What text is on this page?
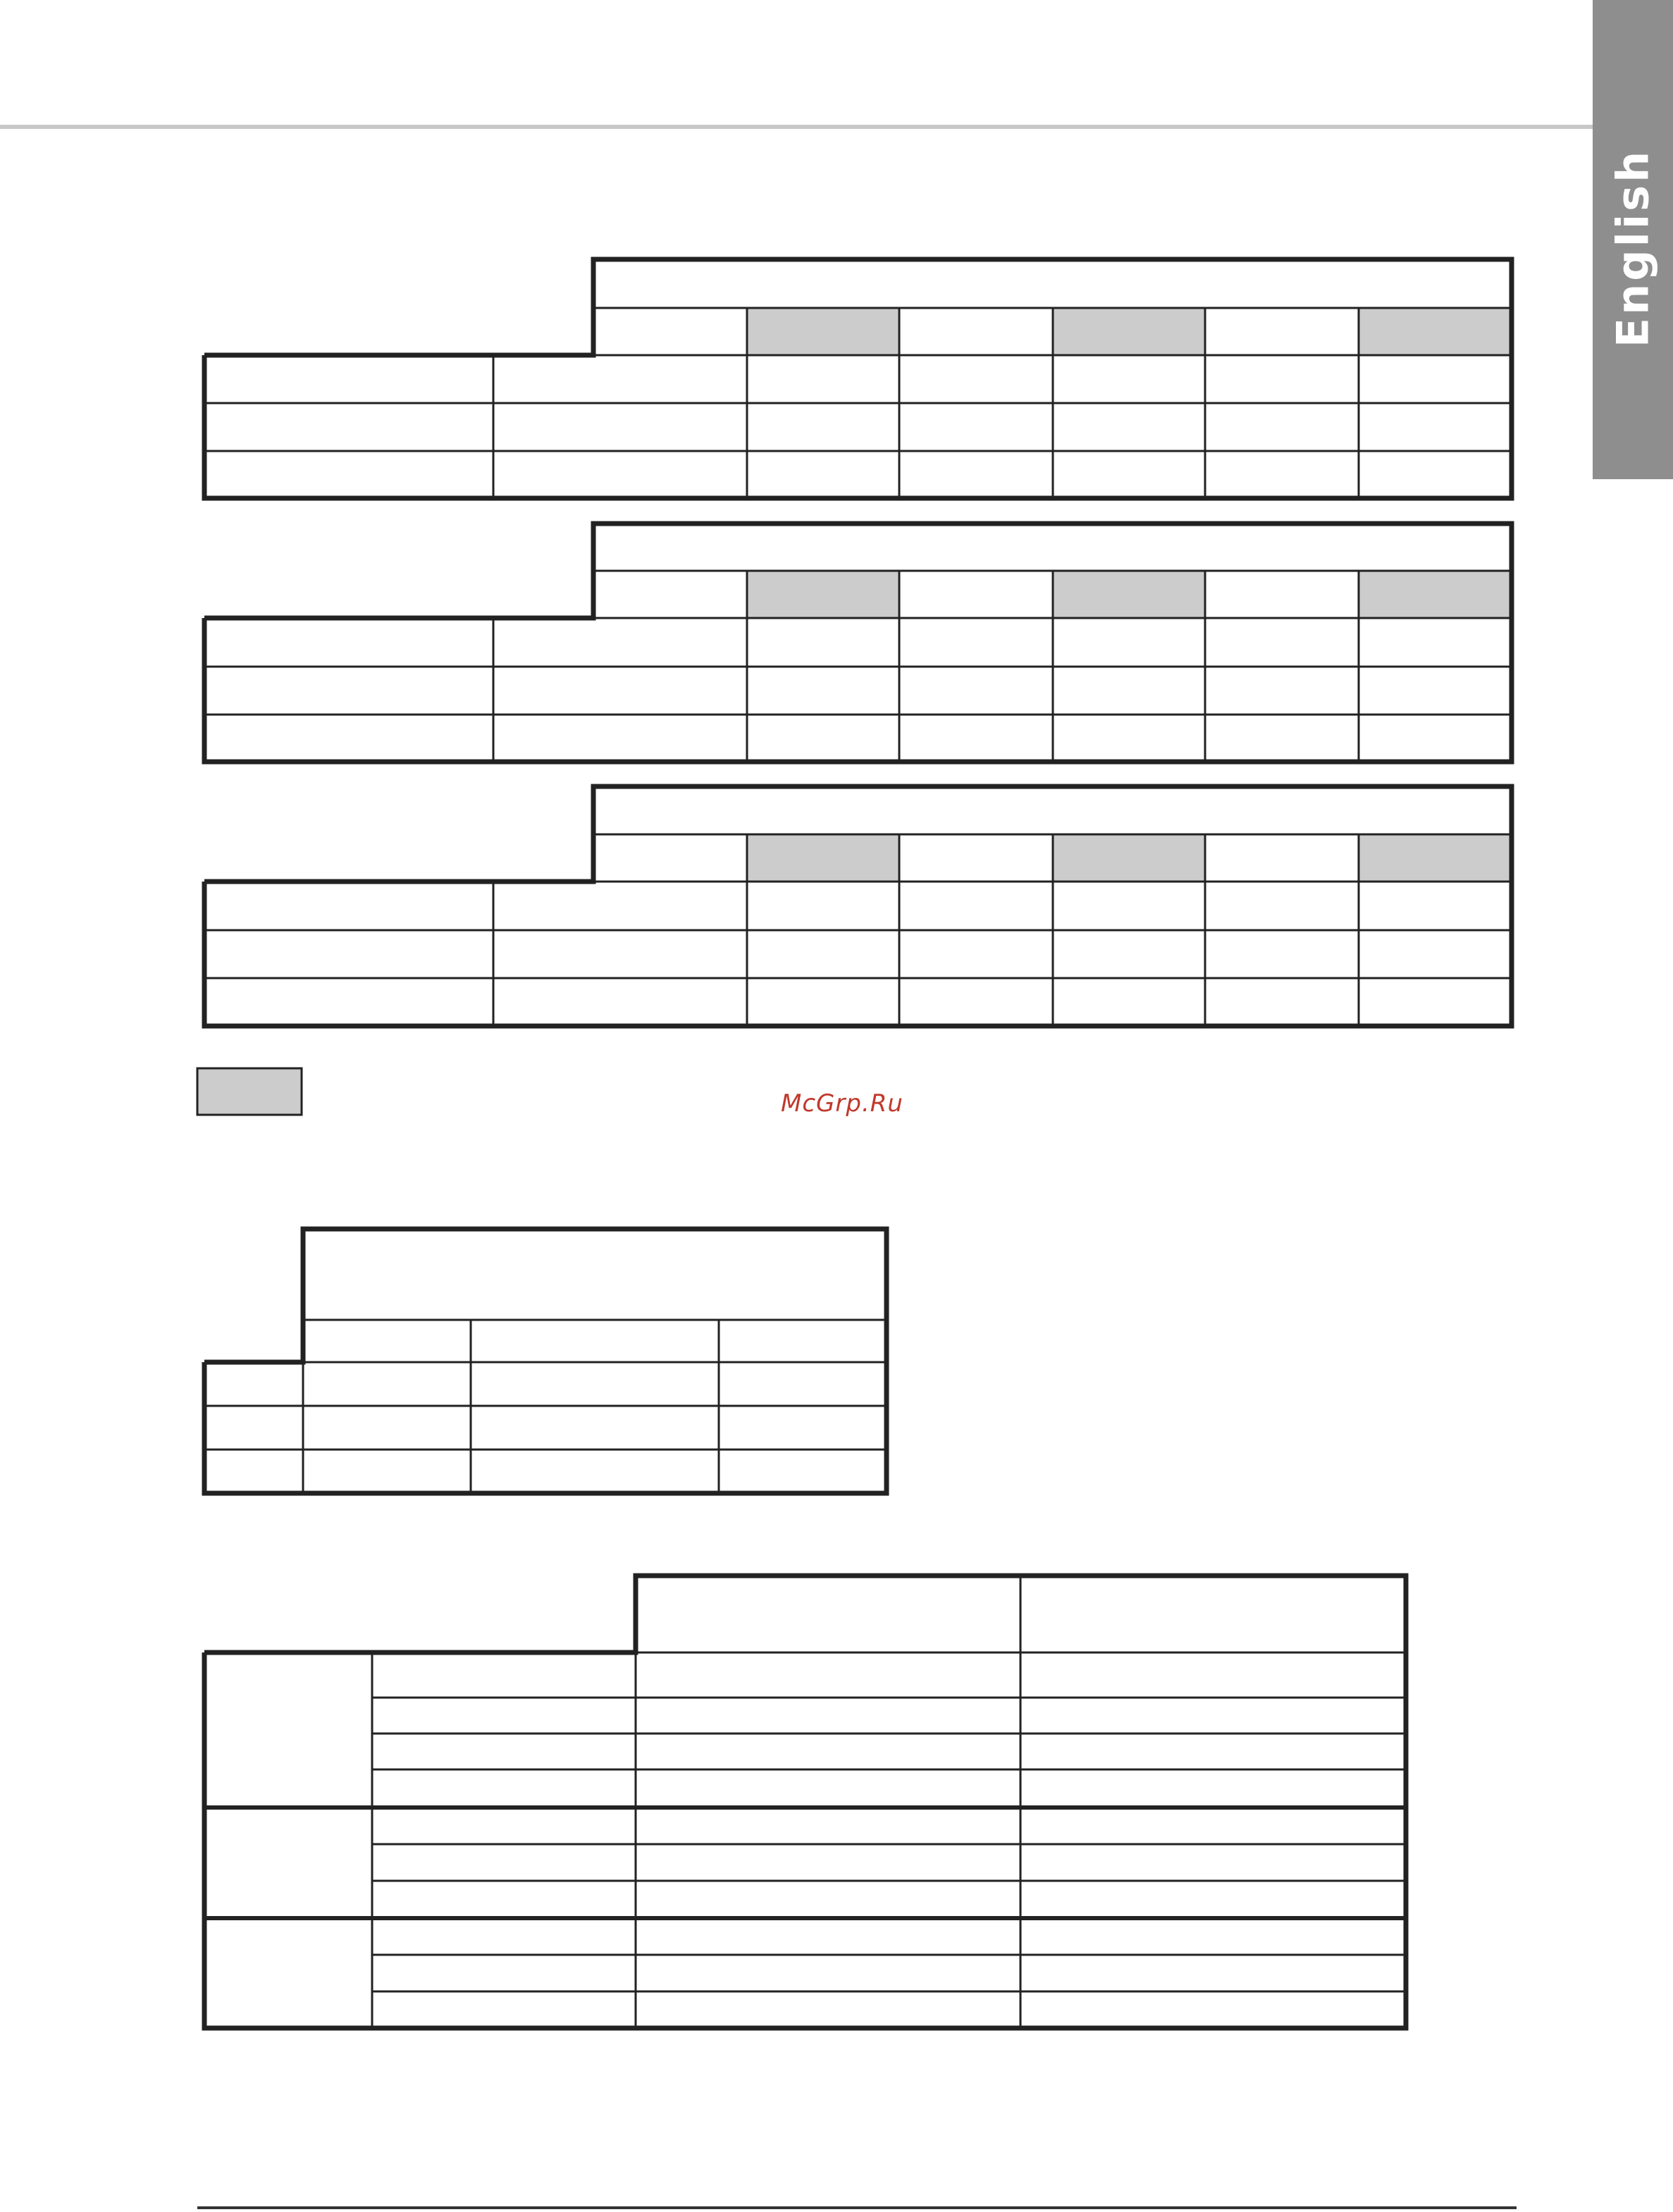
English
McGrp.Ru
